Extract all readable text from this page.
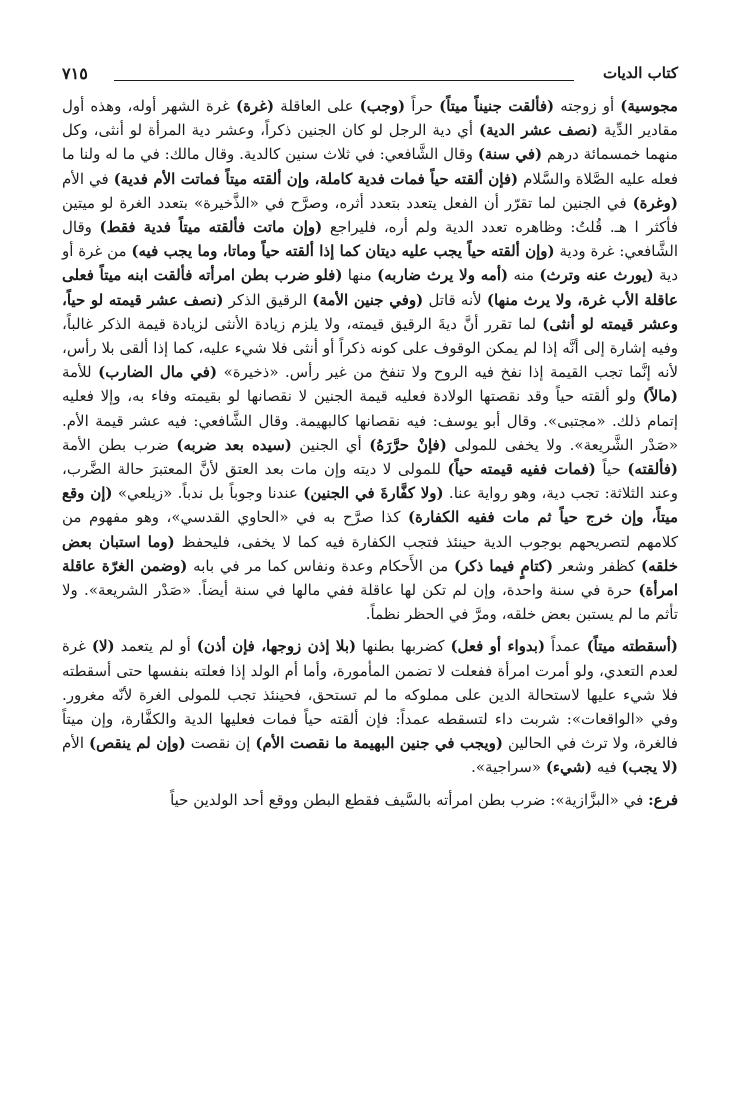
٧١٥	كتاب الديات

مجوسية) أو زوجته (فألقت جنيناً ميتاً) حراً (وجب) على العاقلة (غرة) غرة الشهر أوله، وهذه أول مقادير الدِّية (نصف عشر الدية) أي دية الرجل لو كان الجنين ذكراً، وعشر دية المرأة لو أنثى، وكل منهما خمسمائة درهم (في سنة) وقال الشَّافعي: في ثلاث سنين كالدية. وقال مالك: في ما له ولنا ما فعله عليه الصَّلاة والسَّلام (فإن ألقته حياً فمات فدية كاملة، وإن ألقته ميتاً فماتت الأم فدية) في الأم (وغرة) في الجنين لما تقرّر أن الفعل يتعدد بتعدد أثره، وصرَّح في «الذَّخيرة» بتعدد الغرة لو ميتين فأكثر ا هـ. قُلتُ: وظاهره تعدد الدية ولم أره، فليراجع (وإن ماتت فألقته ميتاً فدية فقط) وقال الشَّافعي: غرة ودية (وإن ألقته حياً يجب عليه ديتان كما إذا ألقته حياً وماتا، وما يجب فيه) من غرة أو دية (يورث عنه وترث) منه (أمه ولا يرث ضاربه) منها (فلو ضرب بطن امرأته فألقت ابنه ميتاً فعلى عاقلة الأب غرة، ولا يرث منها) لأنه قاتل (وفي جنين الأمة) الرقيق الذكر (نصف عشر قيمته لو حياً، وعشر قيمته لو أنثى) لما تقرر أنَّ ديةَ الرقيق قيمته، ولا يلزم زيادة الأنثى لزيادة قيمة الذكر غالباً، وفيه إشارة إلى أنَّه إذا لم يمكن الوقوف على كونه ذكراً أو أنثى فلا شيء عليه، كما إذا ألقى بلا رأس، لأنه إنَّما تجب القيمة إذا نفخ فيه الروح ولا تنفخ من غير رأس. «ذخيرة» (في مال الضارب) للأمة (مالاً) ولو ألقته حياً وقد نقصتها الولادة فعليه قيمة الجنين لا نقصانها لو بقيمته وفاء به، وإلا فعليه إتمام ذلك. «مجتبى». وقال أبو يوسف: فيه نقصانها كالبهيمة. وقال الشَّافعي: فيه عشر قيمة الأم. «صَدْر الشَّريعة». ولا يخفى للمولى (فإنْ حرَّرَهُ) أي الجنين (سيده بعد ضربه) ضرب بطن الأمة (فألقته) حياً (فمات ففيه قيمته حياً) للمولى لا ديته وإن مات بعد العتق لأنَّ المعتبرَ حالة الضَّرب، وعند الثلاثة: تجب دية، وهو رواية عنا. (ولا كفَّارةَ في الجنين) عندنا وجوباً بل ندباً. «زيلعي» (إن وقع ميتاً، وإن خرج حياً ثم مات ففيه الكفارة) كذا صرَّح به في «الحاوي القدسي»، وهو مفهوم من كلامهم لتصريحهم بوجوب الدية حينئذ فتجب الكفارة فيه كما لا يخفى، فليحفظ (وما استبان بعض خلقه) كظفر وشعر (كتامٍ فيما ذكر) من الأَحكام وعدة ونفاس كما مر في بابه (وضمن الغرّة عاقلة امرأة) حرة في سنة واحدة، وإن لم تكن لها عاقلة ففي مالها في سنة أيضاً. «صَدْر الشريعة». ولا تأثم ما لم يستبن بعض خلقه، ومرَّ في الحظر نظماً.

(أسقطته ميتاً) عمداً (بدواء أو فعل) كضربها بطنها (بلا إذن زوجها، فإن أذن) أو لم يتعمد (لا) غرة لعدم التعدي، ولو أمرت امرأة ففعلت لا تضمن المأمورة، وأما أم الولد إذا فعلته بنفسها حتى أسقطته فلا شيء عليها لاستحالة الدين على مملوكه ما لم تستحق، فحينئذ تجب للمولى الغرة لأنّه مغرور. وفي «الواقعات»: شربت داء لتسقطه عمداً: فإن ألقته حياً فمات فعليها الدية والكفَّارة، وإن ميتاً فالغرة، ولا ترث في الحالين (ويجب في جنين البهيمة ما نقصت الأم) إن نقصت (وإن لم ينقص) الأم (لا يجب) فيه (شيء) «سراجية».

فرع: في «البزَّازية»: ضرب بطن امرأته بالسَّيف فقطع البطن ووقع أحد الولدين حياً
